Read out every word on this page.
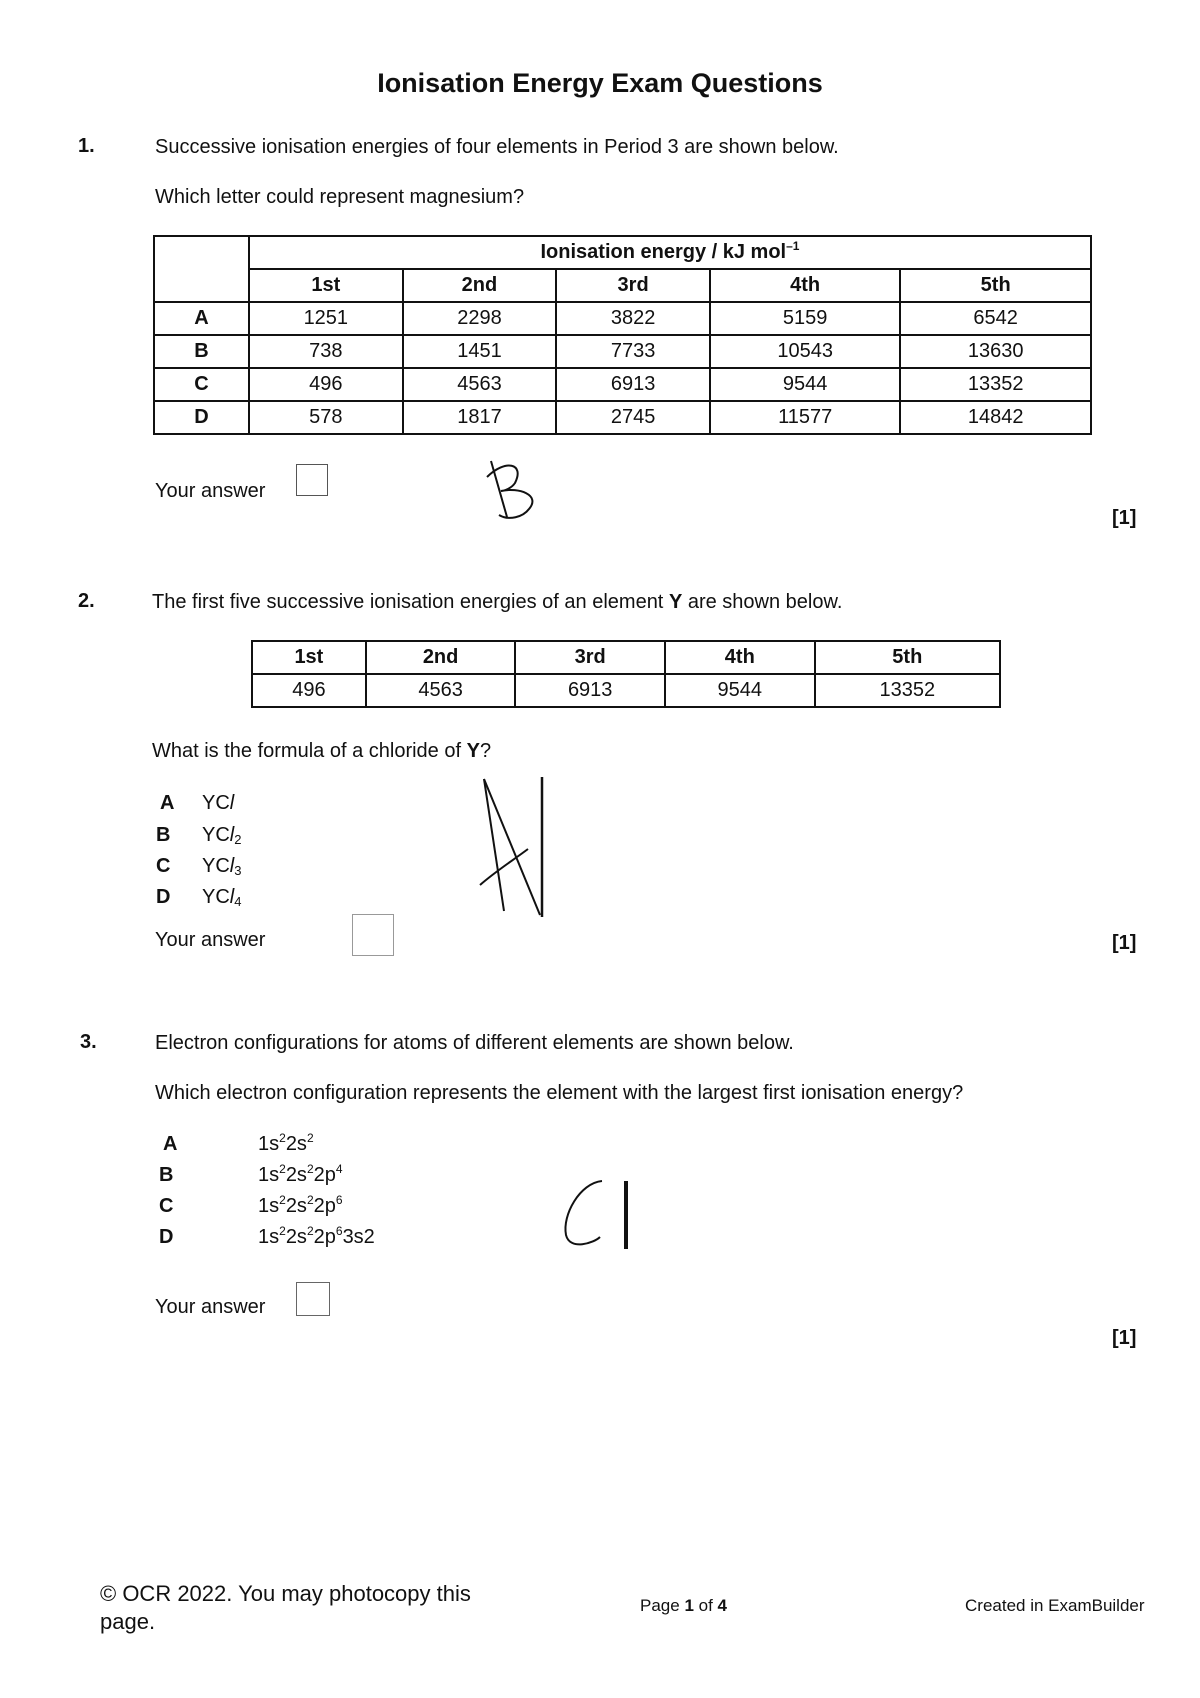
Ionisation Energy Exam Questions
1.	Successive ionisation energies of four elements in Period 3 are shown below.
Which letter could represent magnesium?
	Ionisation energy / kJ mol$^{-1}$
	1st	2nd	3rd	4th	5th
A	1251	2298	3822	5159	6542
B	738	1451	7733	10543	13630
C	496	4563	6913	9544	13352
D	578	1817	2745	11577	14842
Your answer
[1]
2.	The first five successive ionisation energies of an element Y are shown below.
1st	2nd	3rd	4th	5th
496	4563	6913	9544	13352
What is the formula of a chloride of Y?
A YCl
B YCl$_2$
C YCl$_3$
D YCl$_4$
Your answer	[1]
3.	Electron configurations for atoms of different elements are shown below.
Which electron configuration represents the element with the largest first ionisation energy?
A	$1s^22s^2$
B	$1s^22s^22p^4$
C	$1s^22s^22p^6$
D	$1s^22s^22p^63s2$
Your answer
[1]
© OCR 2022. You may photocopy this
page.
Page 1 of 4	Created in ExamBuilder
